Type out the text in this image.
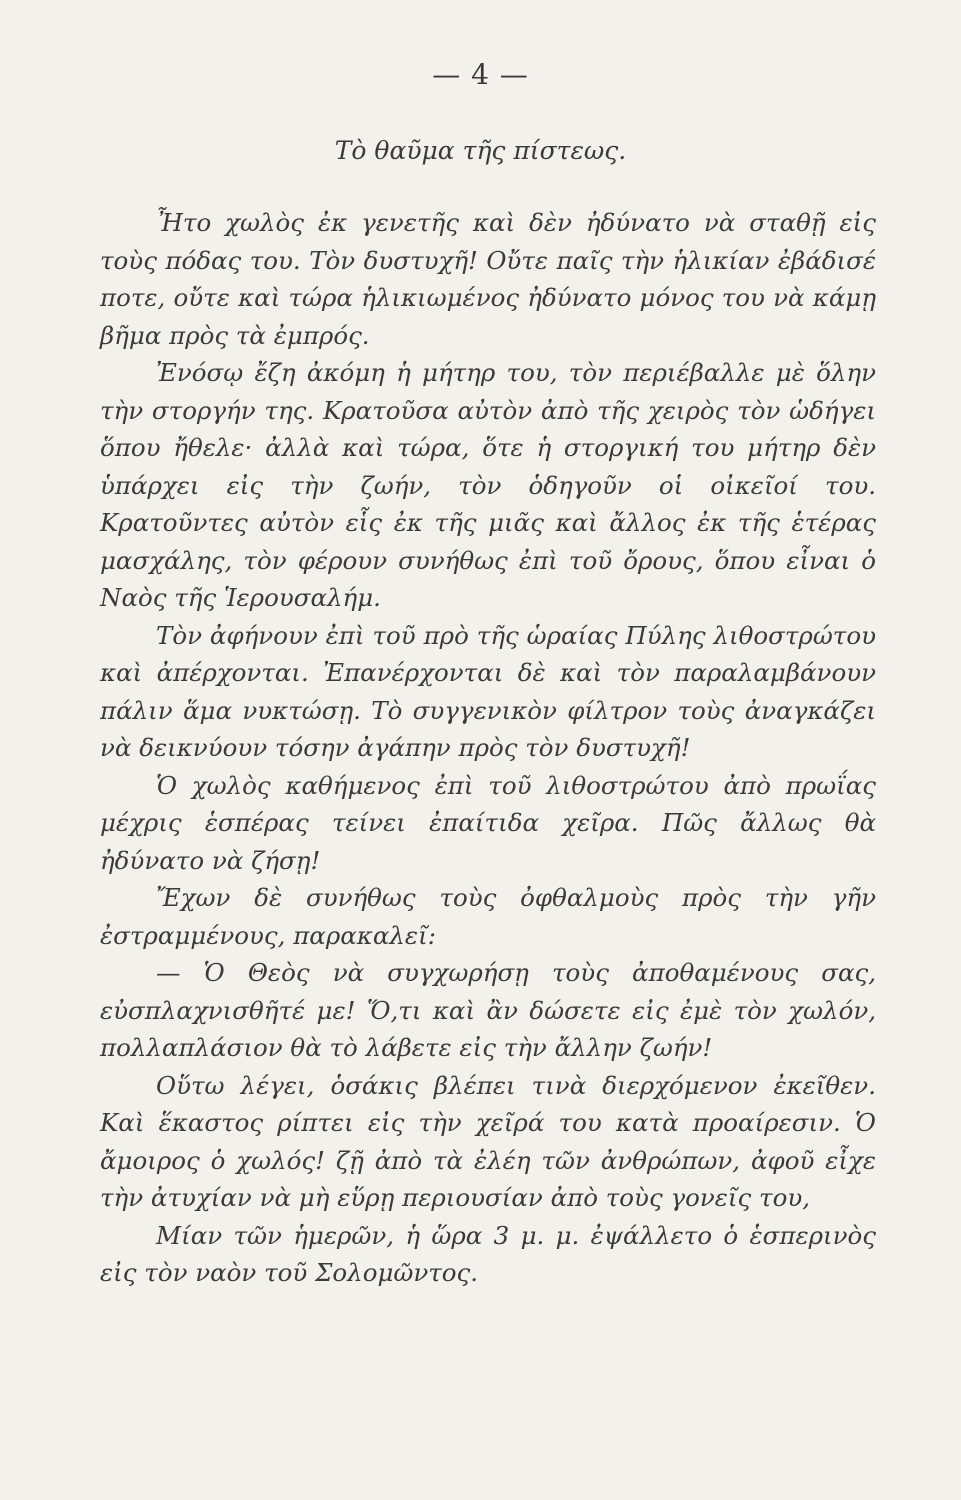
— 4 —
Τὸ θαῦμα τῆς πίστεως.

Ἦτο χωλὸς ἐκ γενετῆς καὶ δὲν ἠδύνατο νὰ σταθῇ εἰς τοὺς πόδας του. Τὸν δυστυχῆ! Οὔτε παῖς τὴν ἡλικίαν ἐβάδισέ ποτε, οὔτε καὶ τώρα ἡλικιωμένος ἠδύνατο μόνος του νὰ κάμῃ βῆμα πρὸς τὰ ἐμπρός.

Ἐνόσῳ ἔζη ἀκόμη ἡ μήτηρ του, τὸν περιέβαλλε μὲ ὅλην τὴν στοργήν της. Κρατοῦσα αὐτὸν ἀπὸ τῆς χειρὸς τὸν ὡδήγει ὅπου ἤθελε· ἀλλὰ καὶ τώρα, ὅτε ἡ στοργική του μήτηρ δὲν ὑπάρχει εἰς τὴν ζωήν, τὸν ὁδηγοῦν οἱ οἰκεῖοί του. Κρατοῦντες αὐτὸν εἷς ἐκ τῆς μιᾶς καὶ ἄλλος ἐκ τῆς ἑτέρας μασχάλης, τὸν φέρουν συνήθως ἐπὶ τοῦ ὄρους, ὅπου εἶναι ὁ Ναὸς τῆς Ἱερουσαλήμ.

Τὸν ἀφήνουν ἐπὶ τοῦ πρὸ τῆς ὡραίας Πύλης λιθοστρώτου καὶ ἀπέρχονται. Ἐπανέρχονται δὲ καὶ τὸν παραλαμβάνουν πάλιν ἅμα νυκτώσῃ. Τὸ συγγενικὸν φίλτρον τοὺς ἀναγκάζει νὰ δεικνύουν τόσην ἀγάπην πρὸς τὸν δυστυχῆ!

Ὁ χωλὸς καθήμενος ἐπὶ τοῦ λιθοστρώτου ἀπὸ πρωΐας μέχρις ἑσπέρας τείνει ἐπαίτιδα χεῖρα. Πῶς ἄλλως θὰ ἠδύνατο νὰ ζήσῃ!

Ἔχων δὲ συνήθως τοὺς ὀφθαλμοὺς πρὸς τὴν γῆν ἐστραμμένους, παρακαλεῖ:

— Ὁ Θεὸς νὰ συγχωρήσῃ τοὺς ἀποθαμένους σας, εὐσπλαχνισθῆτέ με! Ὅ,τι καὶ ἂν δώσετε εἰς ἐμὲ τὸν χωλόν, πολλαπλάσιον θὰ τὸ λάβετε εἰς τὴν ἄλλην ζωήν!

Οὕτω λέγει, ὁσάκις βλέπει τινὰ διερχόμενον ἐκεῖθεν. Καὶ ἕκαστος ρίπτει εἰς τὴν χεῖρά του κατὰ προαίρεσιν. Ὁ ἄμοιρος ὁ χωλός! ζῇ ἀπὸ τὰ ἐλέη τῶν ἀνθρώπων, ἀφοῦ εἶχε τὴν ἀτυχίαν νὰ μὴ εὕρῃ περιουσίαν ἀπὸ τοὺς γονεῖς του,

Μίαν τῶν ἡμερῶν, ἡ ὥρα 3 μ. μ. ἐψάλλετο ὁ ἑσπερινὸς εἰς τὸν ναὸν τοῦ Σολομῶντος.
